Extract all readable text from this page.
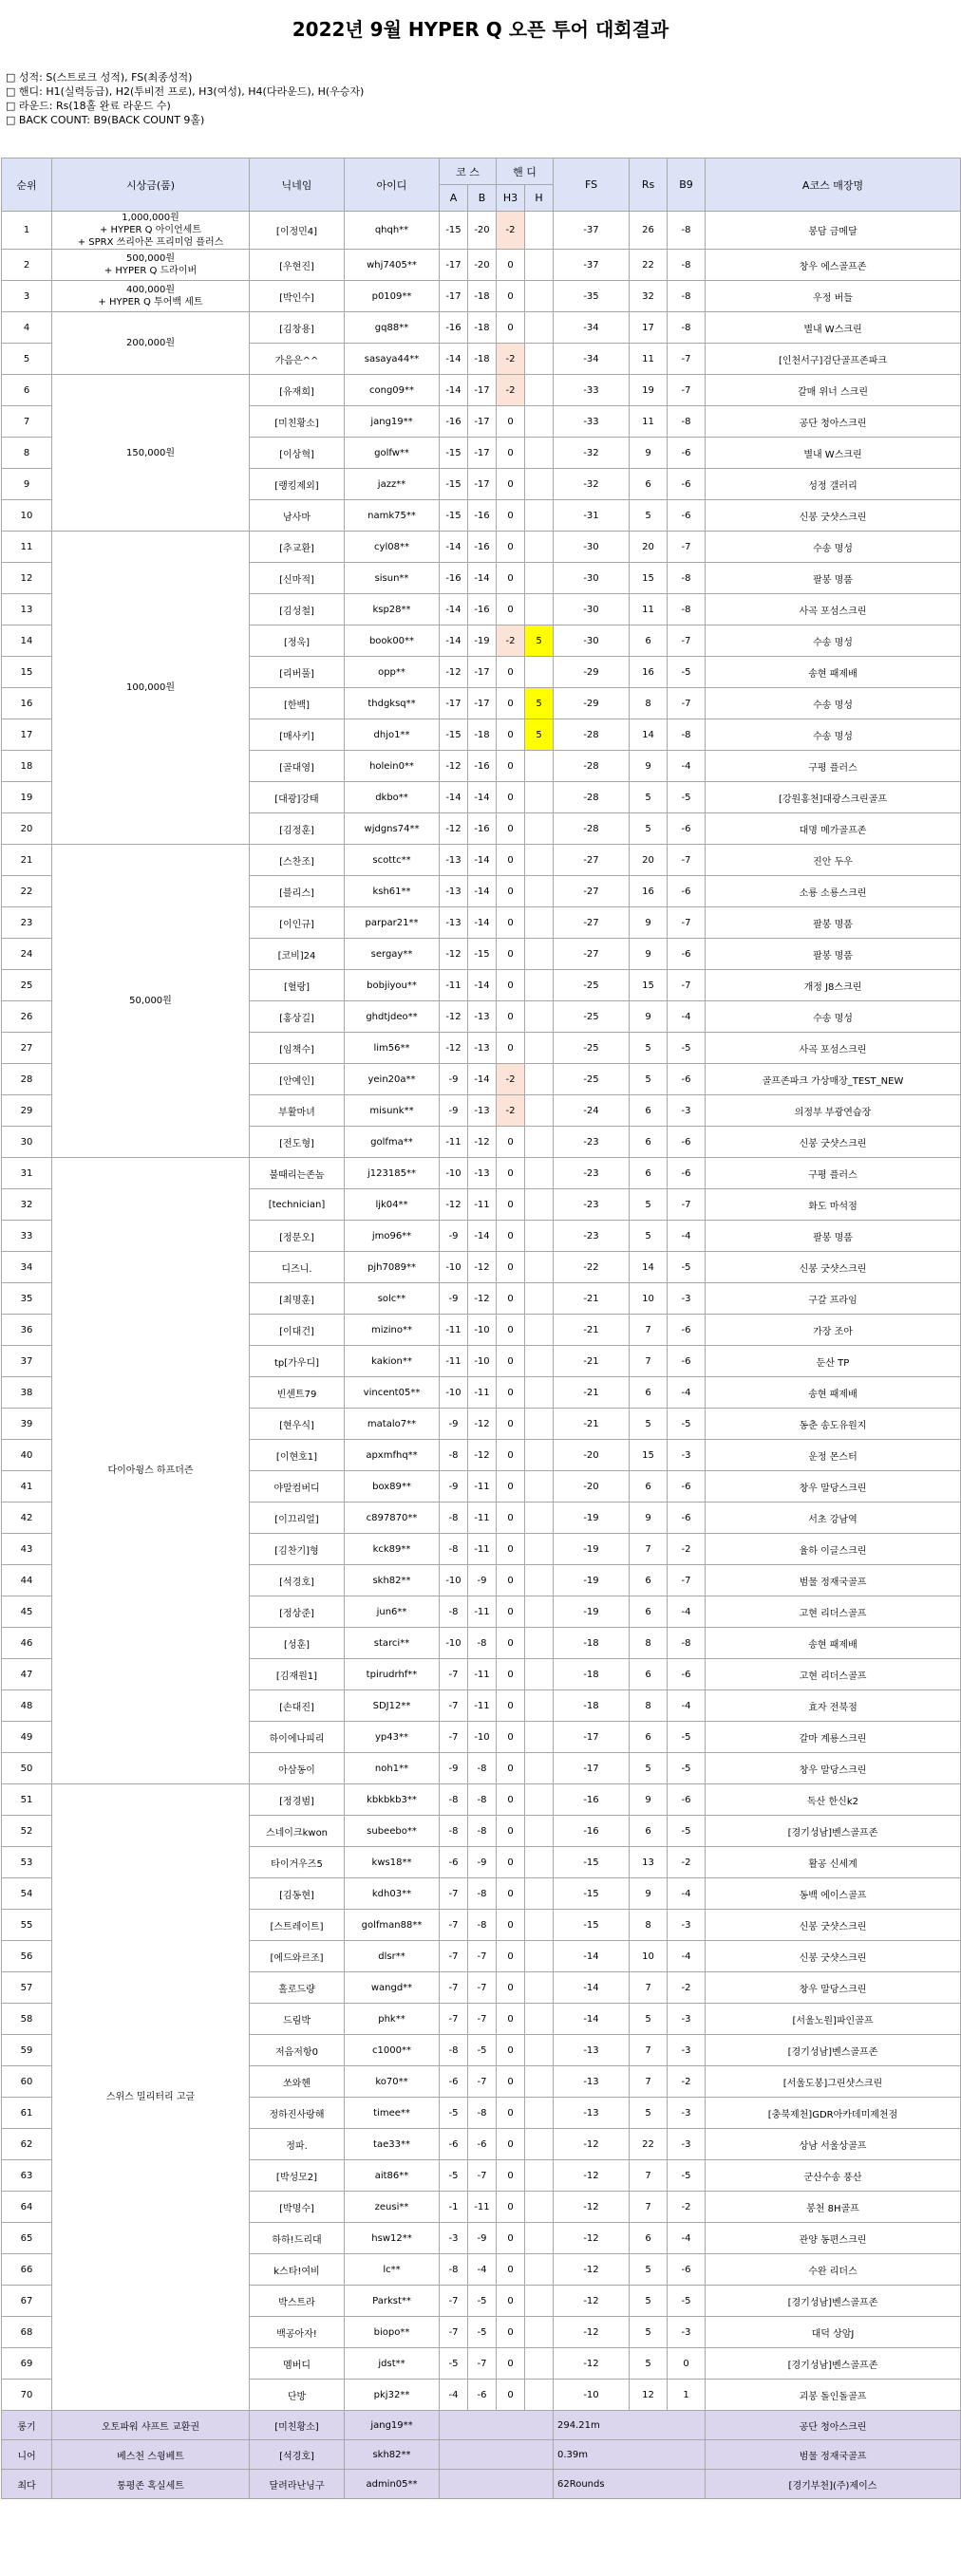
2022년 9월 HYPER Q 오픈 투어 대회결과
□ 성적: S(스트로크 성적), FS(최종성적)
□ 핸디: H1(실력등급), H2(투비전 프로), H3(여성), H4(다라운드), H(우승자)
□ 라운드: Rs(18홀 완료 라운드 수)
□ BACK COUNT: B9(BACK COUNT 9홀)
순위	시상금(품)	닉네임	아이디	코 스		핸 디		FS	Rs	B9	A코스 매장명
				A	B	H3	H				
1	1,000,000원
+ HYPER Q 아이언세트
+ SPRX 쓰리아몬 프리미엄 플러스	[이정민4]	qhqh**	-15	-20	-2		-37	26	-8	봉담 금메달
2	500,000원
+ HYPER Q 드라이버	[우현진]	whj7405**	-17	-20	0		-37	22	-8	창우 에스골프존
3	400,000원
+ HYPER Q 투어백 세트	[박인수]	p0109**	-17	-18	0		-35	32	-8	우정 버들
4	200,000원	[김창용]	gq88**	-16	-18	0		-34	17	-8	별내 W스크린
5		가음은^^	sasaya44**	-14	-18	-2		-34	11	-7	[인천서구]검단골프존파크
6	150,000원	[유재희]	cong09**	-14	-17	-2		-33	19	-7	갈매 위너 스크린
7		[미친황소]	jang19**	-16	-17	0		-33	11	-8	공단 청아스크린
8		[이상혁]	golfw**	-15	-17	0		-32	9	-6	별내 W스크린
9		[랭킹제외]	jazz**	-15	-17	0		-32	6	-6	성정 갤러리
10		남사마	namk75**	-15	-16	0		-31	5	-6	신봉 굿샷스크린
11	100,000원	[추교환]	cyl08**	-14	-16	0		-30	20	-7	수송 명성
12		[신마적]	sisun**	-16	-14	0		-30	15	-8	팔봉 명품
13		[김성철]	ksp28**	-14	-16	0		-30	11	-8	사곡 포섬스크린
14		[정욱]	book00**	-14	-19	-2	5	-30	6	-7	수송 명성
15		[리버풀]	opp**	-12	-17	0		-29	16	-5	송현 패제배
16		[한백]	thdgksq**	-17	-17	0	5	-29	8	-7	수송 명성
17		[매사키]	dhjo1**	-15	-18	0	5	-28	14	-8	수송 명성
18		[골대영]	holein0**	-12	-16	0		-28	9	-4	구평 플러스
19		[대광]강태	dkbo**	-14	-14	0		-28	5	-5	[강원홍천]대광스크린골프
20		[김정훈]	wjdgns74**	-12	-16	0		-28	5	-6	대명 메가골프존
21	50,000원	[스찬조]	scottc**	-13	-14	0		-27	20	-7	진안 두우
22		[블리스]	ksh61**	-13	-14	0		-27	16	-6	소룡 소룡스크린
23		[이인규]	parpar21**	-13	-14	0		-27	9	-7	팔봉 명품
24		[코비]24	sergay**	-12	-15	0		-27	9	-6	팔봉 명품
25		[혈랑]	bobjiyou**	-11	-14	0		-25	15	-7	개정 J8스크린
26		[홍상길]	ghdtjdeo**	-12	-13	0		-25	9	-4	수송 명성
27		[임책수]	lim56**	-12	-13	0		-25	5	-5	사곡 포섬스크린
28		[안예인]	yein20a**	-9	-14	-2		-25	5	-6	골프존파크 가상매장_TEST_NEW
29		부활마녀	misunk**	-9	-13	-2		-24	6	-3	의정부 부광연습장
30		[전도형]	golfma**	-11	-12	0		-23	6	-6	신봉 굿샷스크린
31	다이아윙스 하프더즌	불때리는존놈	j123185**	-10	-13	0		-23	6	-6	구평 플러스
32		[technician]	ljk04**	-12	-11	0		-23	5	-7	화도 마석점
33		[정문오]	jmo96**	-9	-14	0		-23	5	-4	팔봉 명품
34		디즈니.	pjh7089**	-10	-12	0		-22	14	-5	신봉 굿샷스크린
35		[최명훈]	solc**	-9	-12	0		-21	10	-3	구갈 프라임
36		[이대건]	mizino**	-11	-10	0		-21	7	-6	가장 조아
37		tp[가우디]	kakion**	-11	-10	0		-21	7	-6	둔산 TP
38		빈센트79	vincent05**	-10	-11	0		-21	6	-4	송현 패제배
39		[현우식]	matalo7**	-9	-12	0		-21	5	-5	동춘 송도유원지
40		[이현호1]	apxmfhq**	-8	-12	0		-20	15	-3	운정 몬스터
41		야말컴버디	box89**	-9	-11	0		-20	6	-6	창우 말당스크린
42		[이끄리얼]	c897870**	-8	-11	0		-19	9	-6	서초 강남역
43		[김찬기]형	kck89**	-8	-11	0		-19	7	-2	율하 이글스크린
44		[석경호]	skh82**	-10	-9	0		-19	6	-7	범물 정재국골프
45		[정상준]	jun6**	-8	-11	0		-19	6	-4	고현 리더스골프
46		[성훈]	starci**	-10	-8	0		-18	8	-8	송현 패제배
47		[김재원1]	tpirudrhf**	-7	-11	0		-18	6	-6	고현 리더스골프
48		[손대진]	SDJ12**	-7	-11	0		-18	8	-4	효자 전북점
49		하이에나피리	yp43**	-7	-10	0		-17	6	-5	갈마 계룡스크린
50		아삼동이	noh1**	-9	-8	0		-17	5	-5	창우 말당스크린
51	스위스 밀리터리 고글	[정경범]	kbkbkb3**	-8	-8	0		-16	9	-6	독산 한신k2
52		스네이크kwon	subeebo**	-8	-8	0		-16	6	-5	[경기성남]벤스골프존
53		타이거우즈5	kws18**	-6	-9	0		-15	13	-2	활공 신세계
54		[김동현]	kdh03**	-7	-8	0		-15	9	-4	동백 에이스골프
55		[스트레이트]	golfman88**	-7	-8	0		-15	8	-3	신봉 굿샷스크린
56		[에드와르조]	dlsr**	-7	-7	0		-14	10	-4	신봉 굿샷스크린
57		홀로드량	wangd**	-7	-7	0		-14	7	-2	창우 말당스크린
58		드림박	phk**	-7	-7	0		-14	5	-3	[서울노원]파인골프
59		저음저항0	c1000**	-8	-5	0		-13	7	-3	[경기성남]벤스골프존
60		쏘와헨	ko70**	-6	-7	0		-13	7	-2	[서울도봉]그린샷스크린
61		정하진사랑해	timee**	-5	-8	0		-13	5	-3	[충북제천]GDR아카데미제천점
62		정파.	tae33**	-6	-6	0		-12	22	-3	상남 서울상골프
63		[박성모2]	ait86**	-5	-7	0		-12	7	-5	군산수송 풍산
64		[박명수]	zeusi**	-1	-11	0		-12	7	-2	봉천 8H골프
65		하하!드리대	hsw12**	-3	-9	0		-12	6	-4	관양 동편스크린
66		k스타!여비	lc**	-8	-4	0		-12	5	-6	수완 리더스
67		박스트라	Parkst**	-7	-5	0		-12	5	-5	[경기성남]벤스골프존
68		백공아자!	biopo**	-7	-5	0		-12	5	-3	대덕 상암J
69		멤버디	jdst**	-5	-7	0		-12	5	0	[경기성남]벤스골프존
70		단방	pkj32**	-4	-6	0		-10	12	1	괴봉 돌인돌골프
롱기	오토파워 샤프트 교환권	[미친황소]	jang19**					294.21m			공단 청아스크린
니어	베스천 스윙베트	[석경호]	skh82**					0.39m			범물 정재국골프
최다	통평존 혹실세트	달려라난닝구	admin05**					62Rounds			[경기부천](주)제이스
